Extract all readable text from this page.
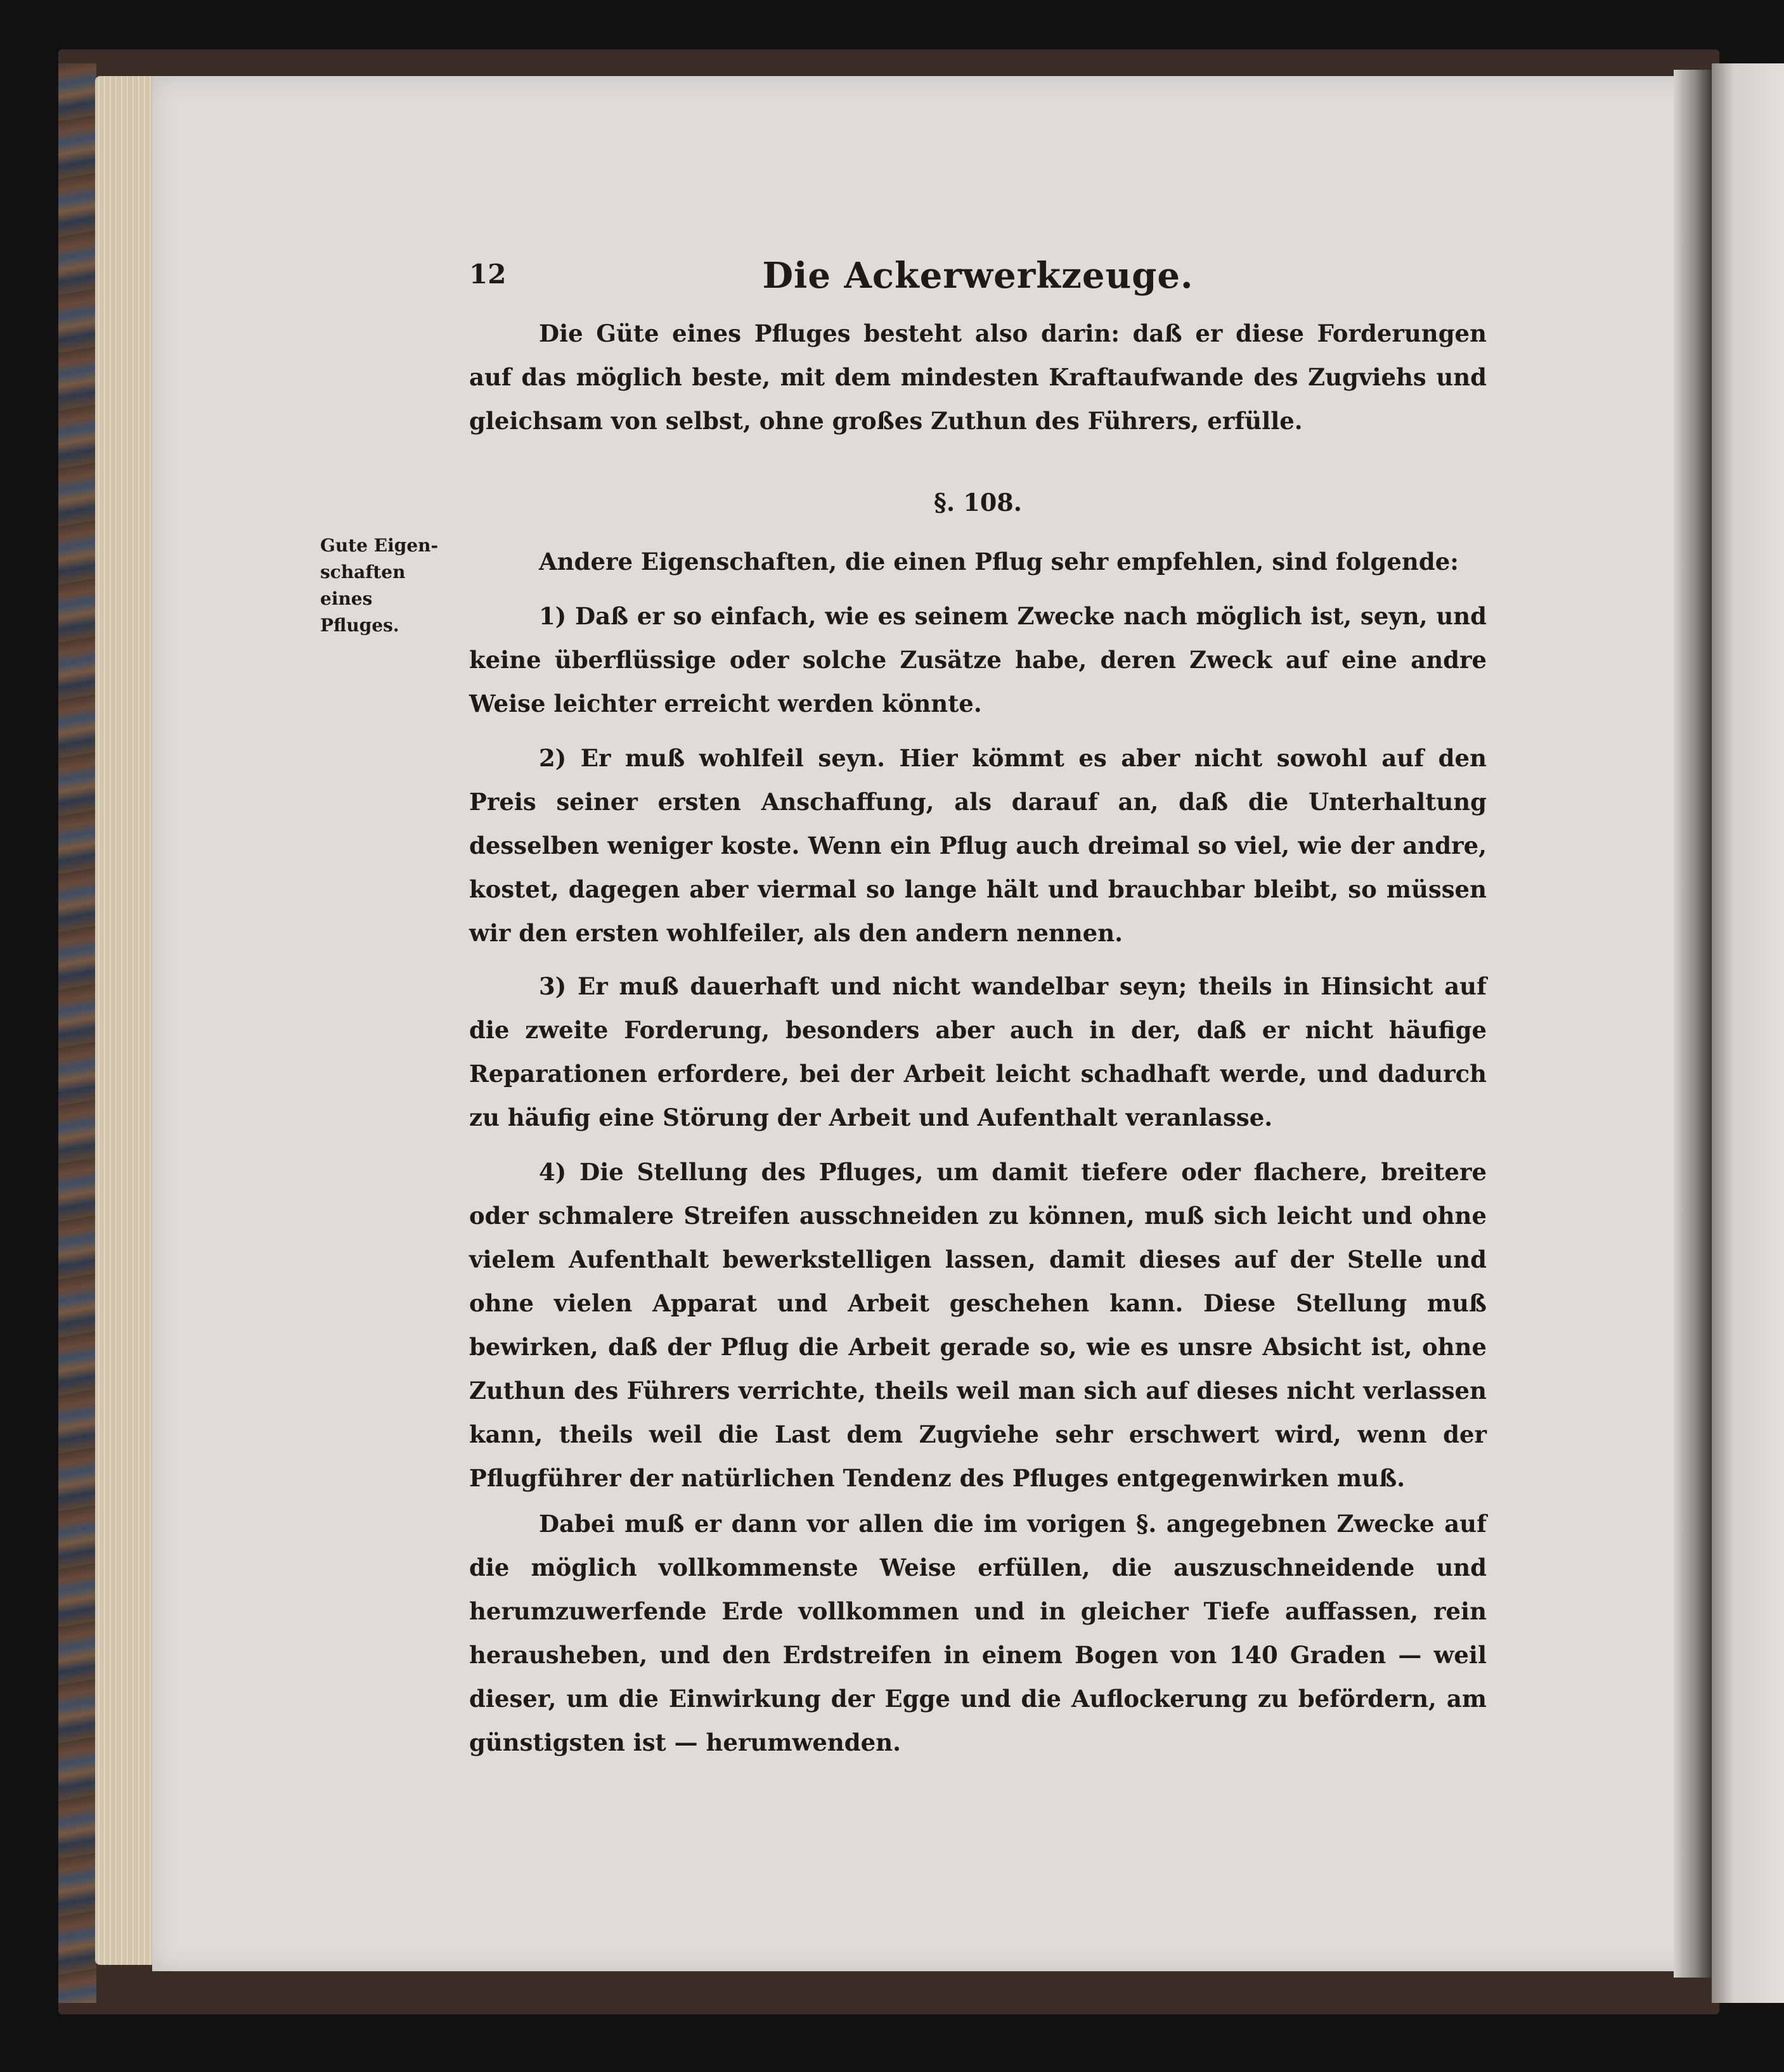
12	Die Ackerwerkzeuge.

Die Güte eines Pfluges besteht also darin: daß er diese Forderungen auf das möglich beste, mit dem mindesten Kraftaufwande des Zugviehs und gleichsam von selbst, ohne großes Zuthun des Führers, erfülle.

§. 108.
Gute Eigen-
schaften eines
Pfluges.

Andere Eigenschaften, die einen Pflug sehr empfehlen, sind folgende:

1) Daß er so einfach, wie es seinem Zwecke nach möglich ist, seyn, und keine überflüssige oder solche Zusätze habe, deren Zweck auf eine andre Weise leichter erreicht werden könnte.

2) Er muß wohlfeil seyn. Hier kömmt es aber nicht sowohl auf den Preis seiner ersten Anschaffung, als darauf an, daß die Unterhaltung desselben weniger koste. Wenn ein Pflug auch dreimal so viel, wie der andre, kostet, dagegen aber viermal so lange hält und brauchbar bleibt, so müssen wir den ersten wohlfeiler, als den andern nennen.

3) Er muß dauerhaft und nicht wandelbar seyn; theils in Hinsicht auf die zweite Forderung, besonders aber auch in der, daß er nicht häufige Reparationen erfordere, bei der Arbeit leicht schadhaft werde, und dadurch zu häufig eine Störung der Arbeit und Aufenthalt veranlasse.

4) Die Stellung des Pfluges, um damit tiefere oder flachere, breitere oder schmalere Streifen ausschneiden zu können, muß sich leicht und ohne vielem Aufenthalt bewerkstelligen lassen, damit dieses auf der Stelle und ohne vielen Apparat und Arbeit geschehen kann. Diese Stellung muß bewirken, daß der Pflug die Arbeit gerade so, wie es unsre Absicht ist, ohne Zuthun des Führers verrichte, theils weil man sich auf dieses nicht verlassen kann, theils weil die Last dem Zugviehe sehr erschwert wird, wenn der Pflugführer der natürlichen Tendenz des Pfluges entgegenwirken muß.

Dabei muß er dann vor allen die im vorigen §. angegebnen Zwecke auf die möglich vollkommenste Weise erfüllen, die auszuschneidende und herumzuwerfende Erde vollkommen und in gleicher Tiefe auffassen, rein herausheben, und den Erdstreifen in einem Bogen von 140 Graden — weil dieser, um die Einwirkung der Egge und die Auflockerung zu befördern, am günstigsten ist — herumwenden.
